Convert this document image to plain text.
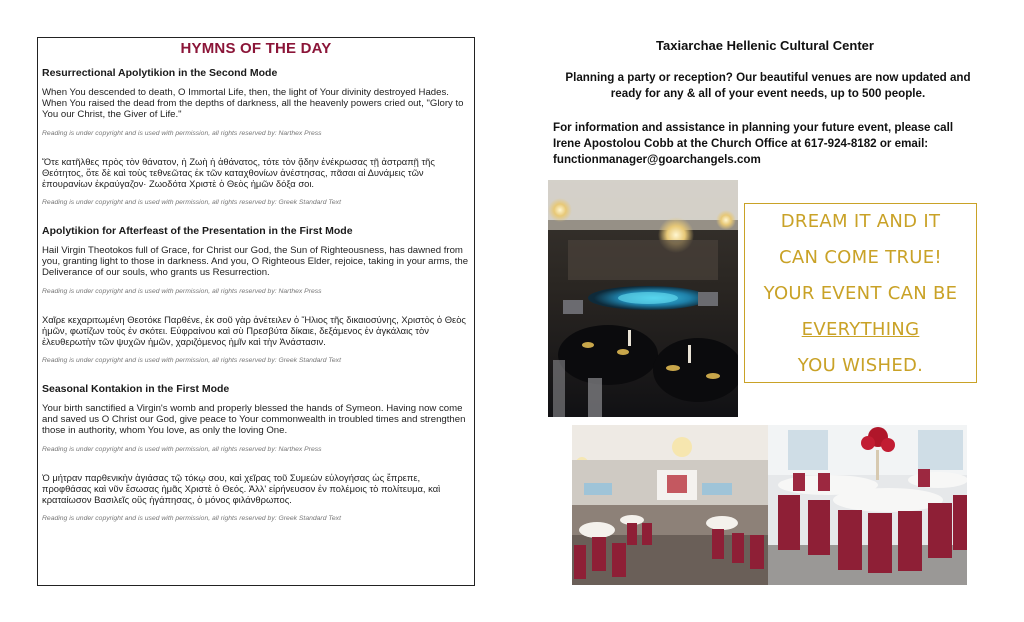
HYMNS OF THE DAY
Resurrectional Apolytikion in the Second Mode
When You descended to death, O Immortal Life, then, the light of Your divinity destroyed Hades. When You raised the dead from the depths of darkness, all the heavenly powers cried out, "Glory to You our Christ, the Giver of Life."
Reading is under copyright and is used with permission, all rights reserved by: Narthex Press
Ὅτε κατῆλθες πρὸς τὸν θάνατον, ἡ Ζωὴ ἡ ἀθάνατος, τότε τὸν ᾅδην ἐνέκρωσας τῇ ἀστραπῇ τῆς Θεότητος, ὅτε δὲ καὶ τοὺς τεθνεῶτας ἐκ τῶν καταχθονίων ἀνέστησας, πᾶσαι αἱ Δυνάμεις τῶν ἐπουρανίων ἐκραύγαζον· Ζωοδότα Χριστὲ ὁ Θεὸς ἡμῶν δόξα σοι.
Reading is under copyright and is used with permission, all rights reserved by: Greek Standard Text
Apolytikion for Afterfeast of the Presentation in the First Mode
Hail Virgin Theotokos full of Grace, for Christ our God, the Sun of Righteousness, has dawned from you, granting light to those in darkness. And you, O Righteous Elder, rejoice, taking in your arms, the Deliverance of our souls, who grants us Resurrection.
Reading is under copyright and is used with permission, all rights reserved by: Narthex Press
Χαῖρε κεχαριτωμένη Θεοτόκε Παρθένε, ἐκ σοῦ γὰρ ἀνέτειλεν ὁ Ἥλιος τῆς δικαιοσύνης, Χριστὸς ὁ Θεὸς ἡμῶν, φωτίζων τοὺς ἐν σκότει. Εὐφραίνου καὶ σὺ Πρεσβύτα δίκαιε, δεξάμενος ἐν ἀγκάλαις τὸν ἐλευθερωτὴν τῶν ψυχῶν ἡμῶν, χαριζόμενος ἡμῖν καὶ τὴν Ἀνάστασιν.
Reading is under copyright and is used with permission, all rights reserved by: Greek Standard Text
Seasonal Kontakion in the First Mode
Your birth sanctified a Virgin's womb and properly blessed the hands of Symeon. Having now come and saved us O Christ our God, give peace to Your commonwealth in troubled times and strengthen those in authority, whom You love, as only the loving One.
Reading is under copyright and is used with permission, all rights reserved by: Narthex Press
Ὁ μήτραν παρθενικὴν ἁγιάσας τῷ τόκῳ σου, καὶ χεῖρας τοῦ Συμεὼν εὐλογήσας ὡς ἔπρεπε, προφθάσας καὶ νῦν ἔσωσας ἡμᾶς Χριστὲ ὁ Θεός. Ἀλλ' εἰρήνευσον ἐν πολέμοις τὸ πολίτευμα, καὶ κραταίωσον Βασιλεῖς οὓς ἠγάπησας, ὁ μόνος φιλάνθρωπος.
Reading is under copyright and is used with permission, all rights reserved by: Greek Standard Text
Taxiarchae Hellenic Cultural Center

Planning a party or reception? Our beautiful venues are now updated and ready for any & all of your event needs, up to 500 people.

For information and assistance in planning your future event, please call
Irene Apostolou Cobb at the Church Office at 617-924-8182 or email:
functionmanager@goarchangels.com

DREAM IT AND IT
CAN COME TRUE!
YOUR EVENT CAN BE
EVERYTHING
YOU WISHED.
